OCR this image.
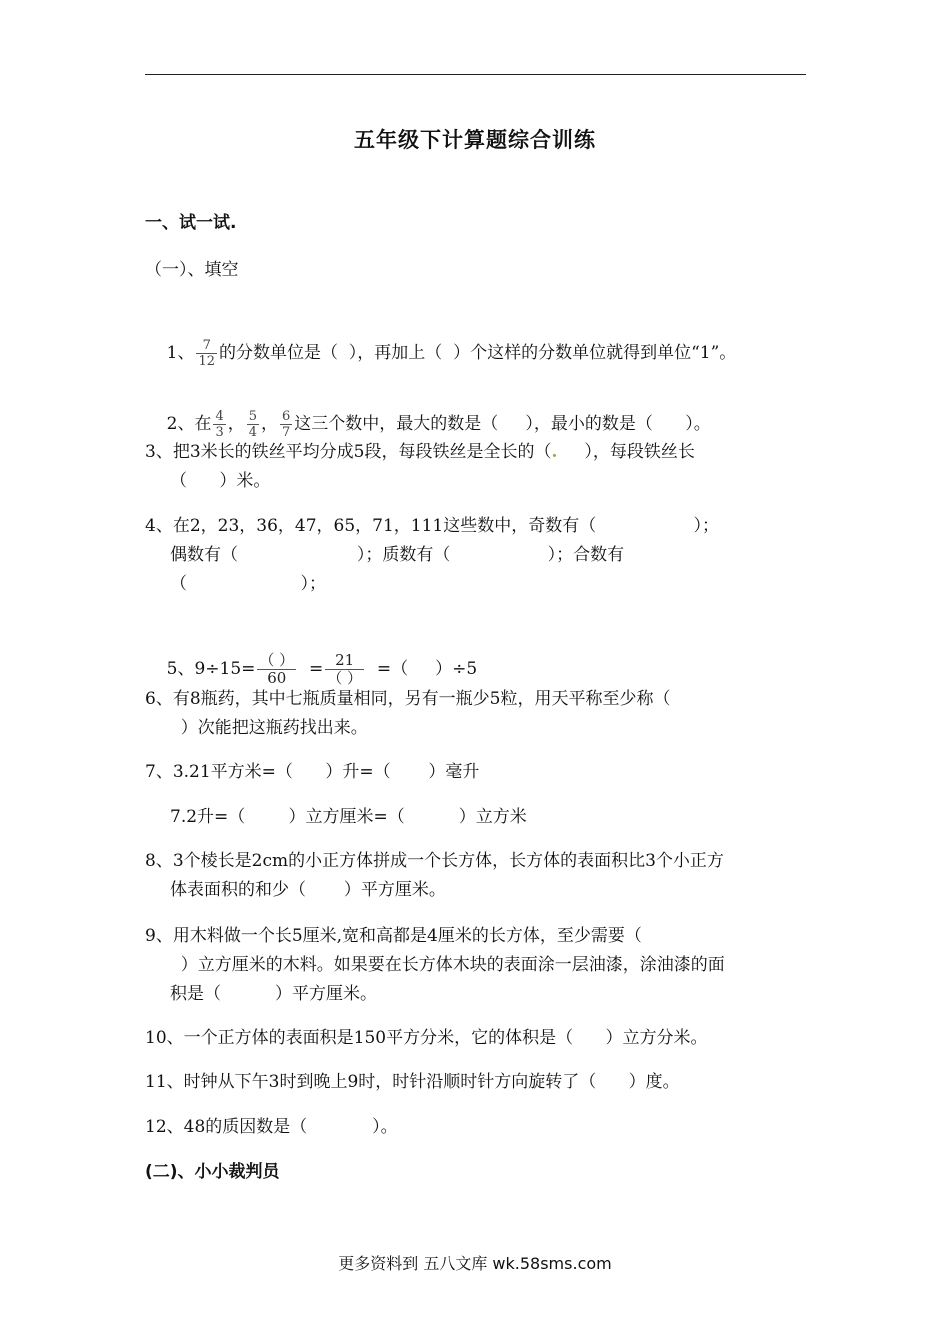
五年级下计算题综合训练
一、试一试.
（一）、填空

1、 $\frac{7}{12}$ 的分数单位是（  ），再加上（  ）个这样的分数单位就得到单位“1”。

2、在 $\frac{4}{3}$ ， $\frac{5}{4}$ ， $\frac{6}{7}$ 这三个数中，最大的数是（     ），最小的数是（      ）。

3、把3米长的铁丝平均分成5段，每段铁丝是全长的（.     ），每段铁丝长
（      ）米。
4、在2，23，36，47，65，71，111这些数中，奇数有（                  ）；
偶数有（                      ）；质数有（                  ）；合数有
（                     ）；

5、$9\div 15= \frac{( )}{60} = \frac{21}{( )}$ =（     ）÷5

6、有8瓶药，其中七瓶质量相同，另有一瓶少5粒，用天平称至少称（
）次能把这瓶药找出来。
7、3.21平方米=（      ）升=（       ）毫升
7.2升=（        ）立方厘米=（          ）立方米
8、3个棱长是2cm的小正方体拼成一个长方体，长方体的表面积比3个小正方
体表面积的和少（       ）平方厘米。
9、用木料做一个长5厘米,宽和高都是4厘米的长方体，至少需要（
）立方厘米的木料。如果要在长方体木块的表面涂一层油漆，涂油漆的面
积是（          ）平方厘米。
10、一个正方体的表面积是150平方分米，它的体积是（      ）立方分米。
11、时钟从下午3时到晚上9时，时针沿顺时针方向旋转了（      ）度。
12、48的质因数是（            ）。
(二)、小小裁判员
更多资料到 五八文库 wk.58sms.com
